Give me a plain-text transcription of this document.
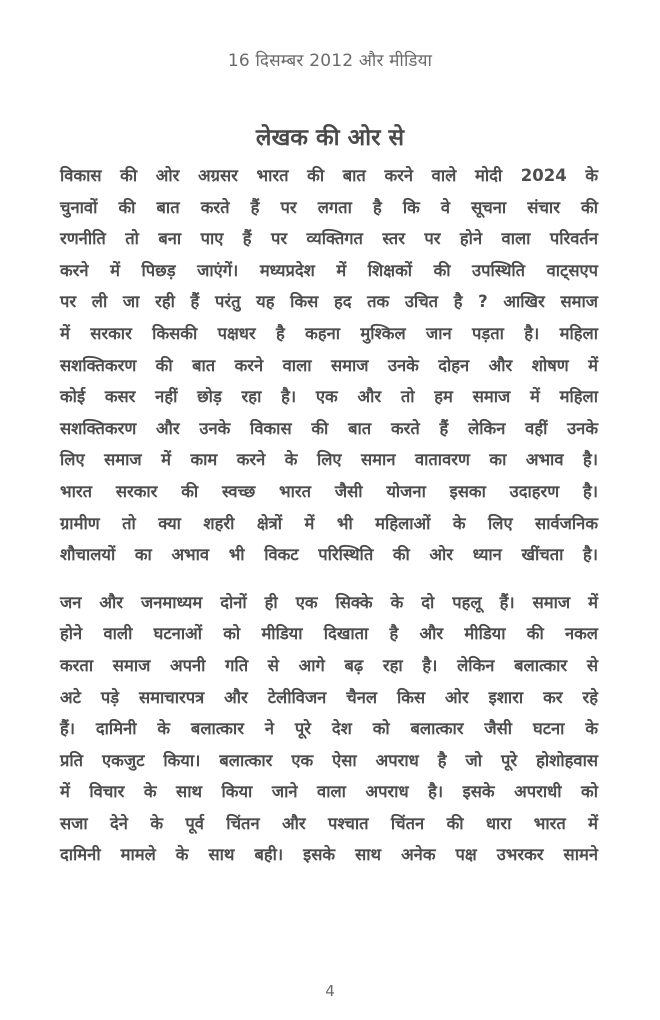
16 दिसम्बर 2012 और मीडिया
लेखक की ओर से
विकास की ओर अग्रसर भारत की बात करने वाले मोदी 2024 के
चुनावों की बात करते हैं पर लगता है कि वे सूचना संचार की
रणनीति तो बना पाए हैं पर व्यक्तिगत स्तर पर होने वाला परिवर्तन
करने में पिछड़ जाएंगें। मध्यप्रदेश में शिक्षकों की उपस्थिति वाट्सएप
पर ली जा रही हैं परंतु यह किस हद तक उचित है ? आखिर समाज
में सरकार किसकी पक्षधर है कहना मुश्किल जान पड़ता है। महिला
सशक्तिकरण की बात करने वाला समाज उनके दोहन और शोषण में
कोई कसर नहीं छोड़ रहा है। एक और तो हम समाज में महिला
सशक्तिकरण और उनके विकास की बात करते हैं लेकिन वहीं उनके
लिए समाज में काम करने के लिए समान वातावरण का अभाव है।
भारत सरकार की स्वच्छ भारत जैसी योजना इसका उदाहरण है।
ग्रामीण तो क्या शहरी क्षेत्रों में भी महिलाओं के लिए सार्वजनिक
शौचालयों का अभाव भी विकट परिस्थिति की ओर ध्यान खींचता है।
जन और जनमाध्यम दोनों ही एक सिक्के के दो पहलू हैं। समाज में
होने वाली घटनाओं को मीडिया दिखाता है और मीडिया की नकल
करता समाज अपनी गति से आगे बढ़ रहा है। लेकिन बलात्कार से
अटे पड़े समाचारपत्र और टेलीविजन चैनल किस ओर इशारा कर रहे
हैं। दामिनी के बलात्कार ने पूरे देश को बलात्कार जैसी घटना के
प्रति एकजुट किया। बलात्कार एक ऐसा अपराध है जो पूरे होशोहवास
में विचार के साथ किया जाने वाला अपराध है। इसके अपराधी को
सजा देने के पूर्व चिंतन और पश्चात चिंतन की धारा भारत में
दामिनी मामले के साथ बही। इसके साथ अनेक पक्ष उभरकर सामने
4
